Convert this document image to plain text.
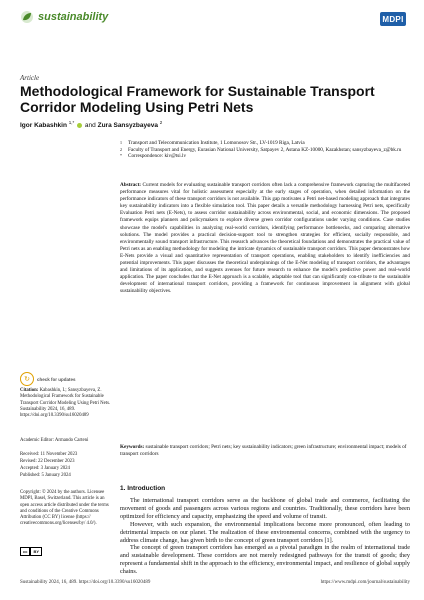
sustainability	MDPI
Article
Methodological Framework for Sustainable Transport Corridor Modeling Using Petri Nets
Igor Kabashkin $^{1,*}$ and Zura Sansyzbayeva $^2$
1	Transport and Telecommunication Institute, 1 Lomonosov Str., LV-1019 Riga, Latvia
2	Faculty of Transport and Energy, Eurasian National University, Satpayev 2, Astana KZ-10000, Kazakhstan; sansyzbayeva_z@bk.ru
*	Correspondence: kiv@tsi.lv
Abstract: Current models for evaluating sustainable transport corridors often lack a comprehensive framework capturing the multifaceted performance measures vital for holistic assessment especially at the early stages of operation, when detailed information on the performance indicators of these transport corridors is not available. This gap motivates a Petri net-based modeling approach that integrates key sustainability indicators into a flexible simulation tool. This paper details a versatile methodology harnessing Petri nets, specifically Evaluation Petri nets (E-Nets), to assess corridor sustainability across environmental, social, and economic dimensions. The proposed framework equips planners and policymakers to explore diverse green corridor configurations under varying conditions. Case studies showcase the model's capabilities in analyzing real-world corridors, identifying performance bottlenecks, and comparing alternative solutions. The model provides a practical decision-support tool to strengthen strategies for efficient, socially responsible, and environmentally sound transport infrastructure. This research advances the theoretical foundations and demonstrates the practical value of Petri nets as an enabling methodology for modeling the intricate dynamics of sustainable transport corridors. This paper demonstrates how E-Nets provide a visual and quantitative representation of transport operations, enabling stakeholders to identify inefficiencies and potential improvements. This paper discusses the theoretical underpinnings of the E-Net modeling of transport corridors, the advantages and limitations of its application, and suggests avenues for future research to enhance the model's predictive power and real-world application. The paper concludes that the E-Net approach is a scalable, adaptable tool that can significantly con-tribute to the sustainable development of international transport corridors, providing a framework for continuous improvement in alignment with global sustainability objectives.
Keywords: sustainable transport corridors; Petri nets; key sustainability indicators; green infrastructure; environmental impact; models of transport corridors
↻	check for updates
Citation: Kabashkin, I.; Sansyzbayeva, Z. Methodological Framework for Sustainable Transport Corridor Modeling Using Petri Nets. Sustainability 2024, 16, 489. https://doi.org/10.3390/su16020489
Academic Editor: Armando Cartenì
Received: 11 November 2023
Revised: 22 December 2023
Accepted: 3 January 2024
Published: 5 January 2024
Copyright: © 2024 by the authors. Licensee MDPI, Basel, Switzerland. This article is an open access article distributed under the terms and conditions of the Creative Commons Attribution (CC BY) license (https:// creativecommons.org/licenses/by/ 4.0/).
cc	BY
1. Introduction

The international transport corridors serve as the backbone of global trade and commerce, facilitating the movement of goods and passengers across various regions and countries. Traditionally, these corridors have been optimized for efficiency and capacity, emphasizing the speed and volume of transit.

However, with such expansion, the environmental implications become more pronounced, often leading to detrimental impacts on our planet. The realization of these environmental concerns, combined with the urgency to address climate change, has given birth to the concept of green transport corridors [1].

The concept of green transport corridors has emerged as a pivotal paradigm in the realm of international trade and sustainable development. These corridors are not merely redesigned pathways for the transit of goods; they represent a fundamental shift in the approach to the efficiency, environmental impact, and resilience of global supply chains.

Sustainability 2024, 16, 489. https://doi.org/10.3390/su16020489	https://www.mdpi.com/journal/sustainability
